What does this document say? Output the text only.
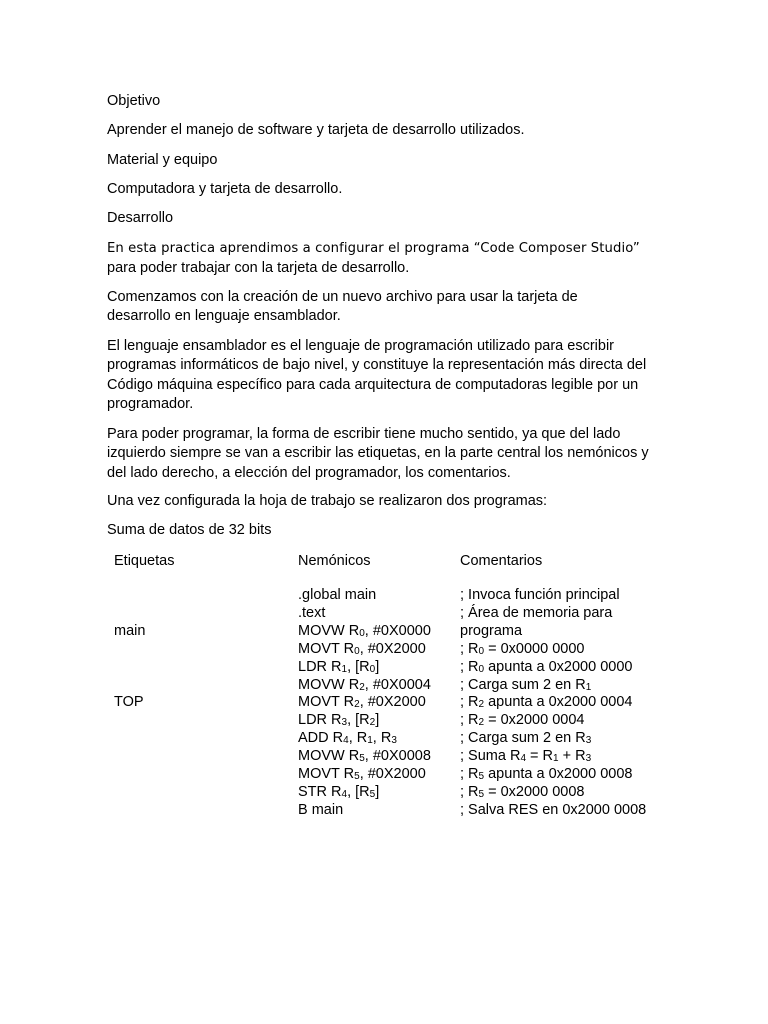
Objetivo

Aprender el manejo de software y tarjeta de desarrollo utilizados.

Material y equipo

Computadora y tarjeta de desarrollo.

Desarrollo

En esta practica aprendimos a configurar el programa “Code Composer Studio”

para poder trabajar con la tarjeta de desarrollo.

Comenzamos con la creación de un nuevo archivo para usar la tarjeta de desarrollo en lenguaje ensamblador.

El lenguaje ensamblador es el lenguaje de programación utilizado para escribir programas informáticos de bajo nivel, y constituye la representación más directa del Código máquina específico para cada arquitectura de computadoras legible por un programador.

Para poder programar, la forma de escribir tiene mucho sentido, ya que del lado izquierdo siempre se van a escribir las etiquetas, en la parte central los nemónicos y del lado derecho, a elección del programador, los comentarios.

Una vez configurada la hoja de trabajo se realizaron dos programas:

Suma de datos de 32 bits

Etiquetas	Nemónicos	Comentarios
main
TOP
.global main
.text
MOVW $R_0$, #0X0000
MOVT $R_0$, #0X2000
LDR $R_1$, $[R_0]$
MOVW $R_2$, #0X0004
MOVT $R_2$, #0X2000
LDR $R_3$, $[R_2]$
ADD $R_4$, $R_1$, $R_3$
MOVW $R_5$, #0X0008
MOVT $R_5$, #0X2000
STR $R_4$, $[R_5]$
B main
; Invoca función principal
; Área de memoria para
programa
; $R_0 = 0x0000$ 0000
; $R_0$ apunta a 0x2000 0000
; Carga sum 2 en $R_1$
; $R_2$ apunta a 0x2000 0004
; $R_2 = 0x2000$ 0004
; Carga sum 2 en $R_3$
; Suma $R_4 = R_1 + R_3$
; $R_5$ apunta a 0x2000 0008
; $R_5 = 0x2000$ 0008
; Salva RES en 0x2000 0008
